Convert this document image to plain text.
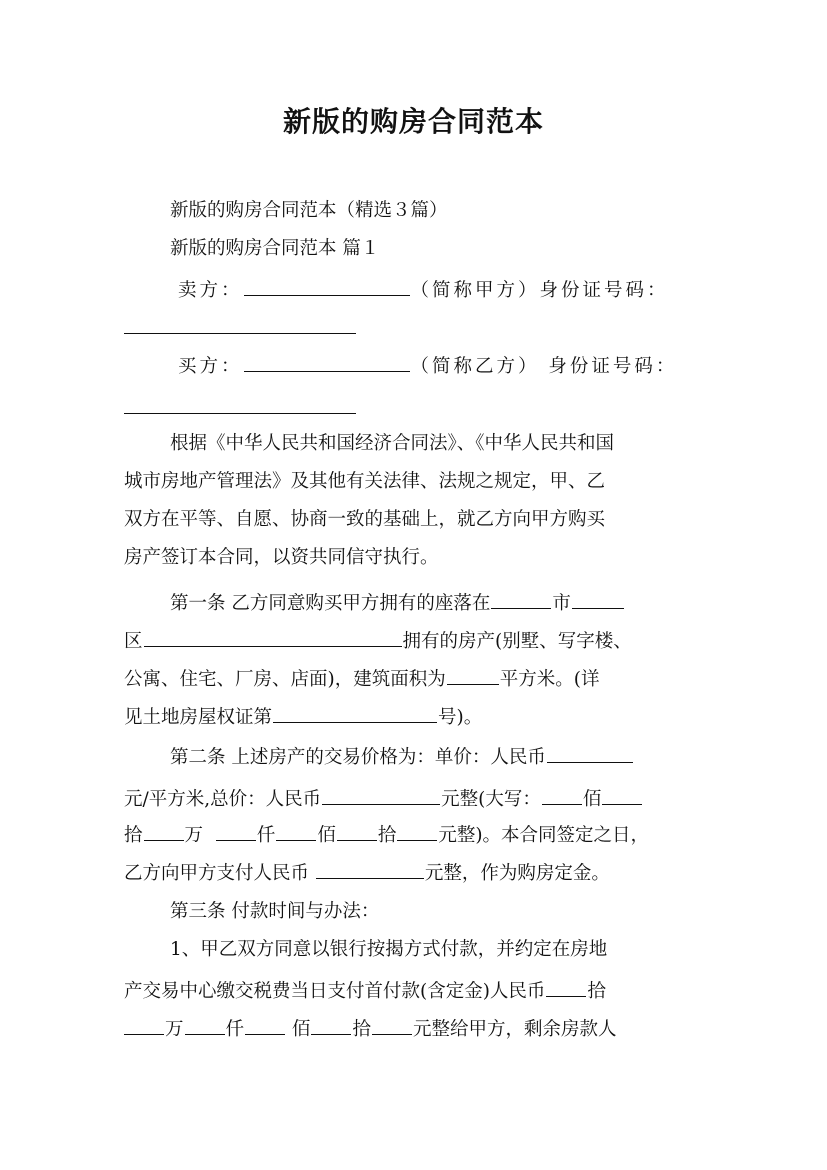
新版的购房合同范本
新版的购房合同范本（精选３篇）
新版的购房合同范本 篇１
卖方：	（简称甲方）身份证号码：
买方：	（简称乙方） 身份证号码：
根据《中华人民共和国经济合同法》、《中华人民共和国
城市房地产管理法》及其他有关法律、法规之规定，甲、乙
双方在平等、自愿、协商一致的基础上，就乙方向甲方购买
房产签订本合同，以资共同信守执行。
第一条 乙方同意购买甲方拥有的座落在	市
区	拥有的房产(别墅、写字楼、
公寓、住宅、厂房、店面)，建筑面积为	平方米。(详
见土地房屋权证第	号)。
第二条 上述房产的交易价格为：单价：人民币
元/平方米,总价：人民币	元整(大写： 佰
拾 万	仟 佰 拾 元整)。本合同签定之日，
乙方向甲方支付人民币	元整，作为购房定金。
第三条 付款时间与办法：
1、甲乙双方同意以银行按揭方式付款，并约定在房地
产交易中心缴交税费当日支付首付款(含定金)人民币 拾
万 仟	佰 拾 元整给甲方，剩余房款人
